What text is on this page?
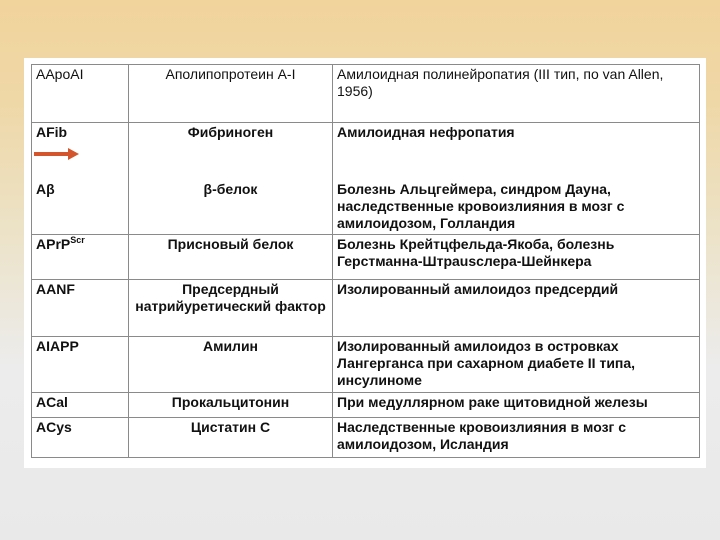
AApoAI	Аполипопротеин A-I	Амилоидная полинейропатия (III тип, по van Allen, 1956)
AFib	Фибриноген	Амилоидная нефропатия
Aβ	β-белок	Болезнь Альцгеймера, синдром Дауна, наследственные кровоизлияния в мозг с амилоидозом, Голландия
APrP$^{Scr}$	Присновый белок	Болезнь Крейтцфельда-Якоба, болезнь Герстманна-Штрausслера-Шейнкера
AANF	Предсердный натрийуретический фактор	Изолированный амилоидоз предсердий
AIAPP	Амилин	Изолированный амилоидоз в островках Лангерганса при сахарном диабете II типа, инсулиноме
ACal	Прокальцитонин	При медуллярном раке щитовидной железы
ACys	Цистатин С	Наследственные кровоизлияния в мозг с амилоидозом, Исландия
